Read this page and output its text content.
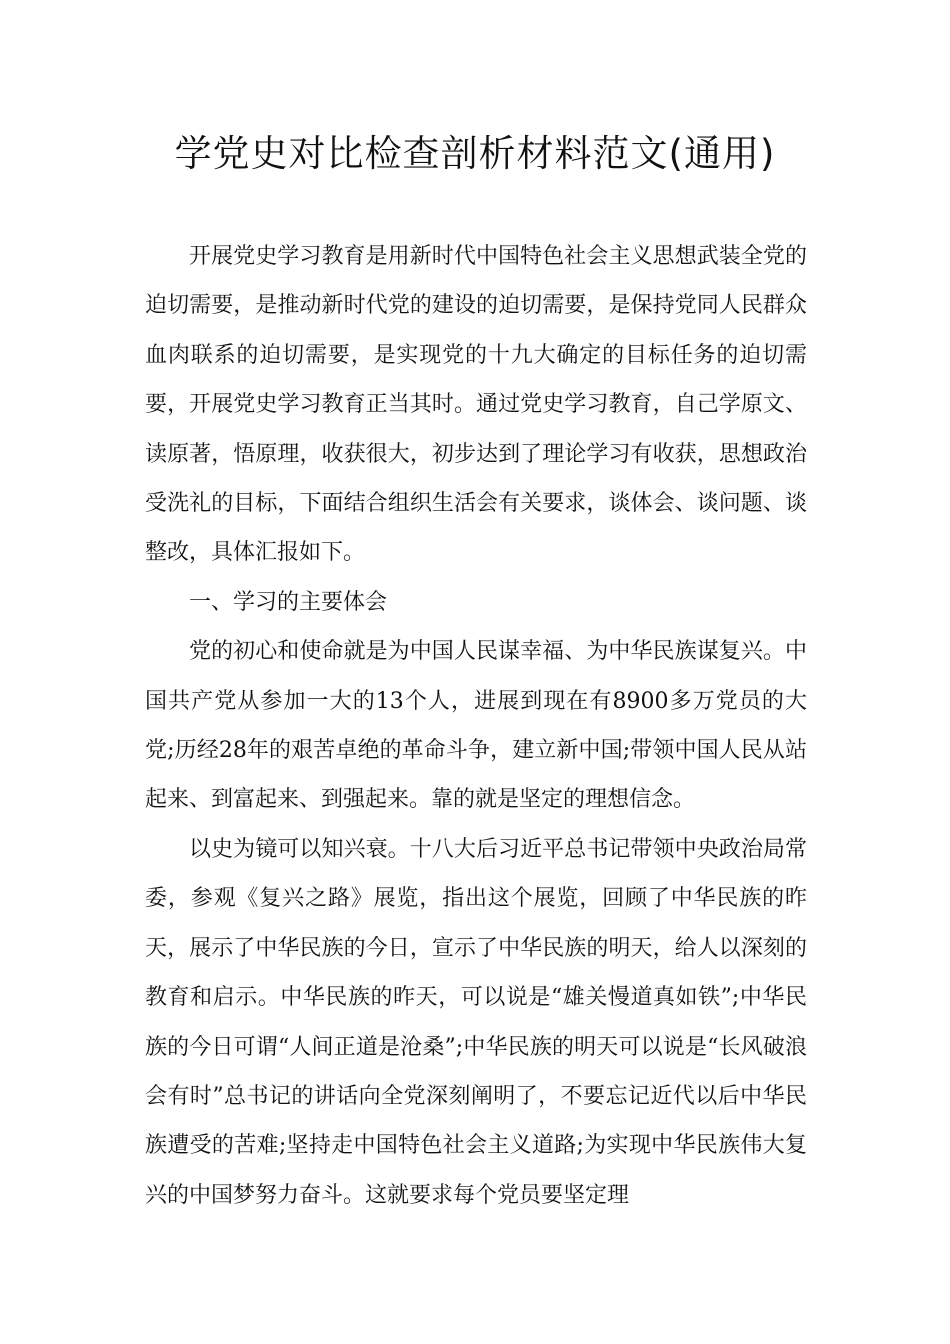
学党史对比检查剖析材料范文(通用)

开展党史学习教育是用新时代中国特色社会主义思想武装全党的迫切需要，是推动新时代党的建设的迫切需要，是保持党同人民群众血肉联系的迫切需要，是实现党的十九大确定的目标任务的迫切需要，开展党史学习教育正当其时。通过党史学习教育，自己学原文、读原著，悟原理，收获很大，初步达到了理论学习有收获，思想政治受洗礼的目标，下面结合组织生活会有关要求，谈体会、谈问题、谈整改，具体汇报如下。

一、学习的主要体会

党的初心和使命就是为中国人民谋幸福、为中华民族谋复兴。中国共产党从参加一大的13个人，进展到现在有8900多万党员的大党;历经28年的艰苦卓绝的革命斗争，建立新中国;带领中国人民从站起来、到富起来、到强起来。靠的就是坚定的理想信念。

以史为镜可以知兴衰。十八大后习近平总书记带领中央政治局常委，参观《复兴之路》展览，指出这个展览，回顾了中华民族的昨天，展示了中华民族的今日，宣示了中华民族的明天，给人以深刻的教育和启示。中华民族的昨天，可以说是“雄关慢道真如铁”;中华民族的今日可谓“人间正道是沧桑”;中华民族的明天可以说是“长风破浪会有时”总书记的讲话向全党深刻阐明了，不要忘记近代以后中华民族遭受的苦难;坚持走中国特色社会主义道路;为实现中华民族伟大复兴的中国梦努力奋斗。这就要求每个党员要坚定理
